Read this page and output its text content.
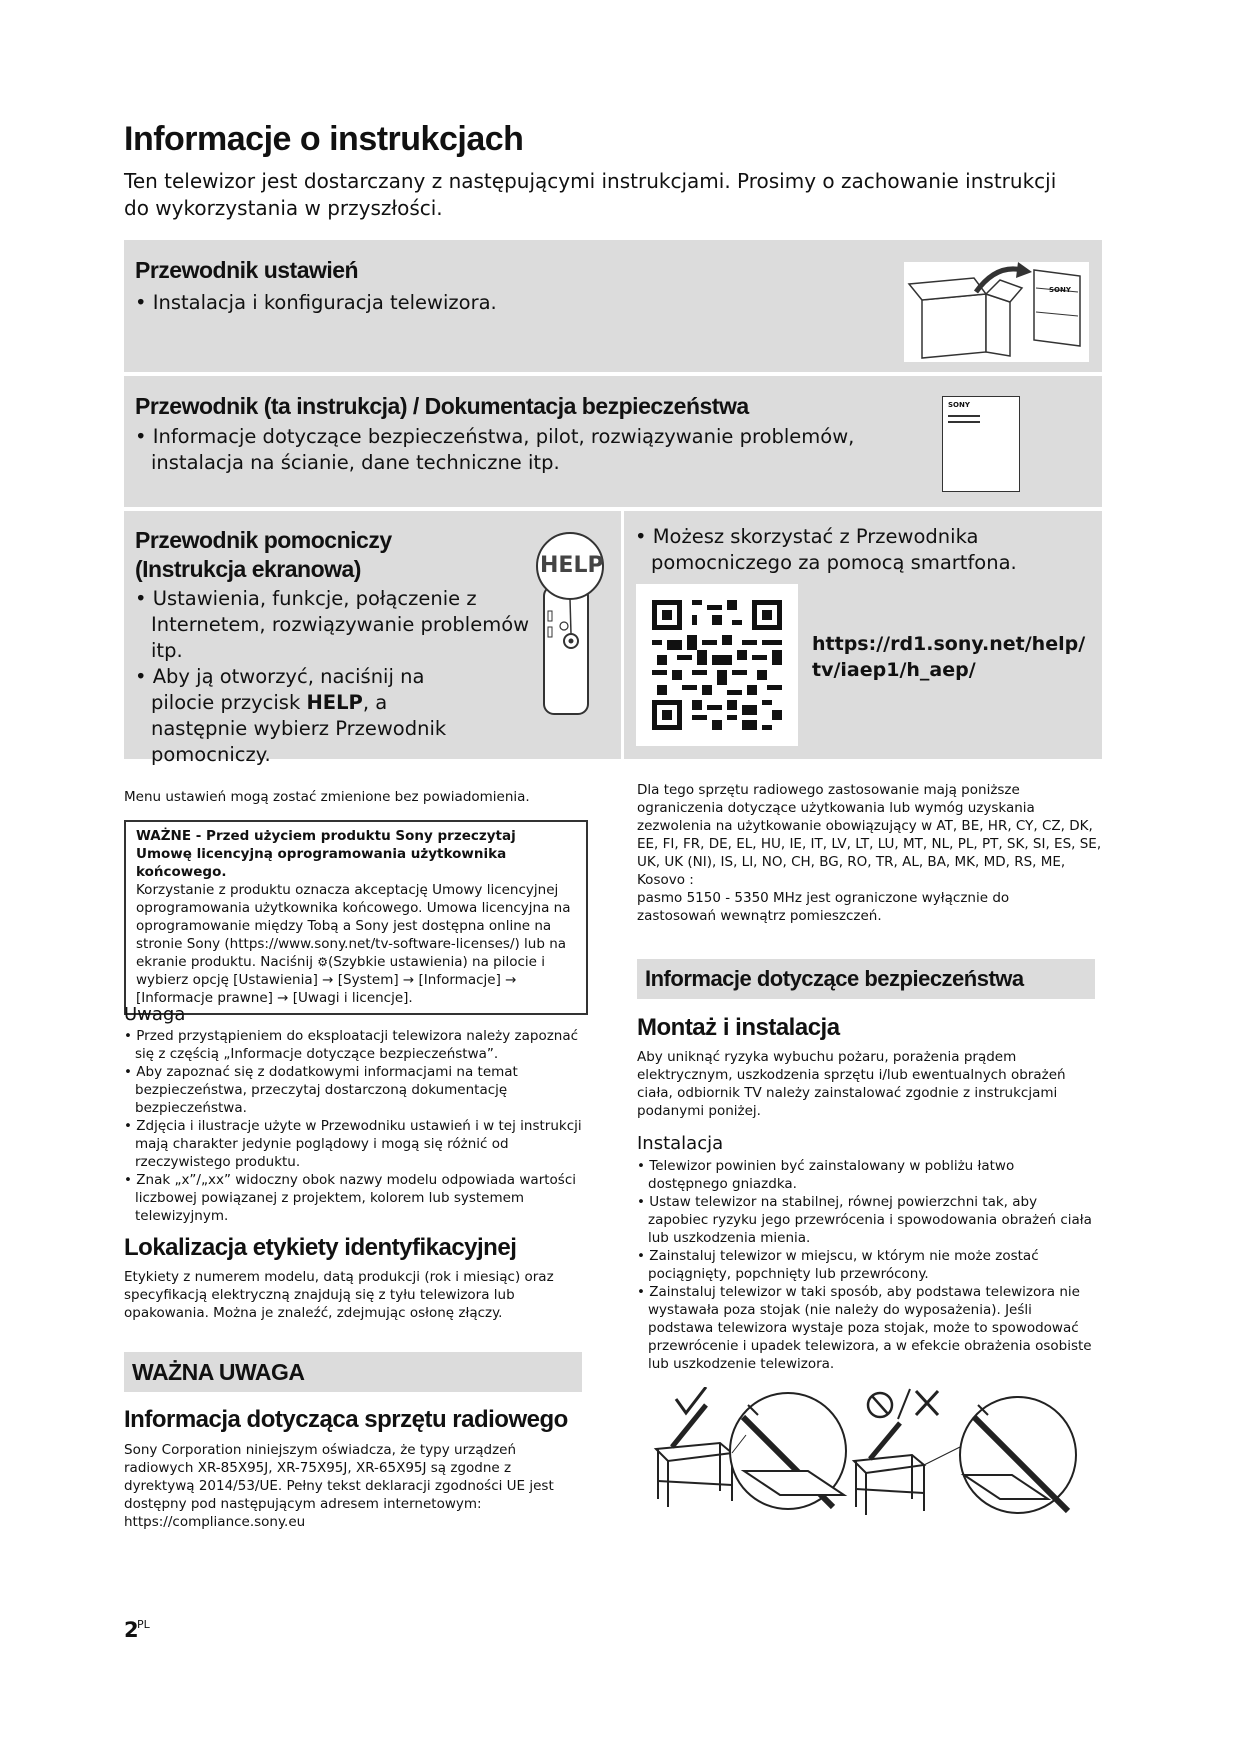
Informacje o instrukcjach
Ten telewizor jest dostarczany z następującymi instrukcjami. Prosimy o zachowanie instrukcji do wykorzystania w przyszłości.
Przewodnik ustawień
• Instalacja i konfiguracja telewizora.
SONY
Przewodnik (ta instrukcja) / Dokumentacja bezpieczeństwa
• Informacje dotyczące bezpieczeństwa, pilot, rozwiązywanie problemów, instalacja na ścianie, dane techniczne itp.
SONY
Przewodnik pomocniczy (Instrukcja ekranowa)
• Ustawienia, funkcje, połączenie z Internetem, rozwiązywanie problemów itp.
• Aby ją otworzyć, naciśnij na pilocie przycisk HELP, a następnie wybierz Przewodnik pomocniczy.
HELP
• Możesz skorzystać z Przewodnika pomocniczego za pomocą smartfona.
https://rd1.sony.net/help/tv/iaep1/h_aep/
Menu ustawień mogą zostać zmienione bez powiadomienia.
WAŻNE - Przed użyciem produktu Sony przeczytaj Umowę licencyjną oprogramowania użytkownika końcowego.
Korzystanie z produktu oznacza akceptację Umowy licencyjnej oprogramowania użytkownika końcowego. Umowa licencyjna na oprogramowanie między Tobą a Sony jest dostępna online na stronie Sony (https://www.sony.net/tv-software-licenses/) lub na ekranie produktu. Naciśnij ⚙(Szybkie ustawienia) na pilocie i wybierz opcję [Ustawienia] → [System] → [Informacje] → [Informacje prawne] → [Uwagi i licencje].
Uwaga
• Przed przystąpieniem do eksploatacji telewizora należy zapoznać się z częścią „Informacje dotyczące bezpieczeństwa”.
• Aby zapoznać się z dodatkowymi informacjami na temat bezpieczeństwa, przeczytaj dostarczoną dokumentację bezpieczeństwa.
• Zdjęcia i ilustracje użyte w Przewodniku ustawień i w tej instrukcji mają charakter jedynie poglądowy i mogą się różnić od rzeczywistego produktu.
• Znak „x”/„xx” widoczny obok nazwy modelu odpowiada wartości liczbowej powiązanej z projektem, kolorem lub systemem telewizyjnym.
Lokalizacja etykiety identyfikacyjnej
Etykiety z numerem modelu, datą produkcji (rok i miesiąc) oraz specyfikacją elektryczną znajdują się z tyłu telewizora lub opakowania. Można je znaleźć, zdejmując osłonę złączy.
WAŻNA UWAGA
Informacja dotycząca sprzętu radiowego
Sony Corporation niniejszym oświadcza, że typy urządzeń radiowych XR-85X95J, XR-75X95J, XR-65X95J są zgodne z dyrektywą 2014/53/UE. Pełny tekst deklaracji zgodności UE jest dostępny pod następującym adresem internetowym: https://compliance.sony.eu
Dla tego sprzętu radiowego zastosowanie mają poniższe ograniczenia dotyczące użytkowania lub wymóg uzyskania zezwolenia na użytkowanie obowiązujący w AT, BE, HR, CY, CZ, DK, EE, FI, FR, DE, EL, HU, IE, IT, LV, LT, LU, MT, NL, PL, PT, SK, SI, ES, SE, UK, UK (NI), IS, LI, NO, CH, BG, RO, TR, AL, BA, MK, MD, RS, ME, Kosovo :
pasmo 5150 - 5350 MHz jest ograniczone wyłącznie do zastosowań wewnątrz pomieszczeń.
Informacje dotyczące bezpieczeństwa
Montaż i instalacja
Aby uniknąć ryzyka wybuchu pożaru, porażenia prądem elektrycznym, uszkodzenia sprzętu i/lub ewentualnych obrażeń ciała, odbiornik TV należy zainstalować zgodnie z instrukcjami podanymi poniżej.
Instalacja
• Telewizor powinien być zainstalowany w pobliżu łatwo dostępnego gniazdka.
• Ustaw telewizor na stabilnej, równej powierzchni tak, aby zapobiec ryzyku jego przewrócenia i spowodowania obrażeń ciała lub uszkodzenia mienia.
• Zainstaluj telewizor w miejscu, w którym nie może zostać pociągnięty, popchnięty lub przewrócony.
• Zainstaluj telewizor w taki sposób, aby podstawa telewizora nie wystawała poza stojak (nie należy do wyposażenia). Jeśli podstawa telewizora wystaje poza stojak, może to spowodować przewrócenie i upadek telewizora, a w efekcie obrażenia osobiste lub uszkodzenie telewizora.
2
PL
